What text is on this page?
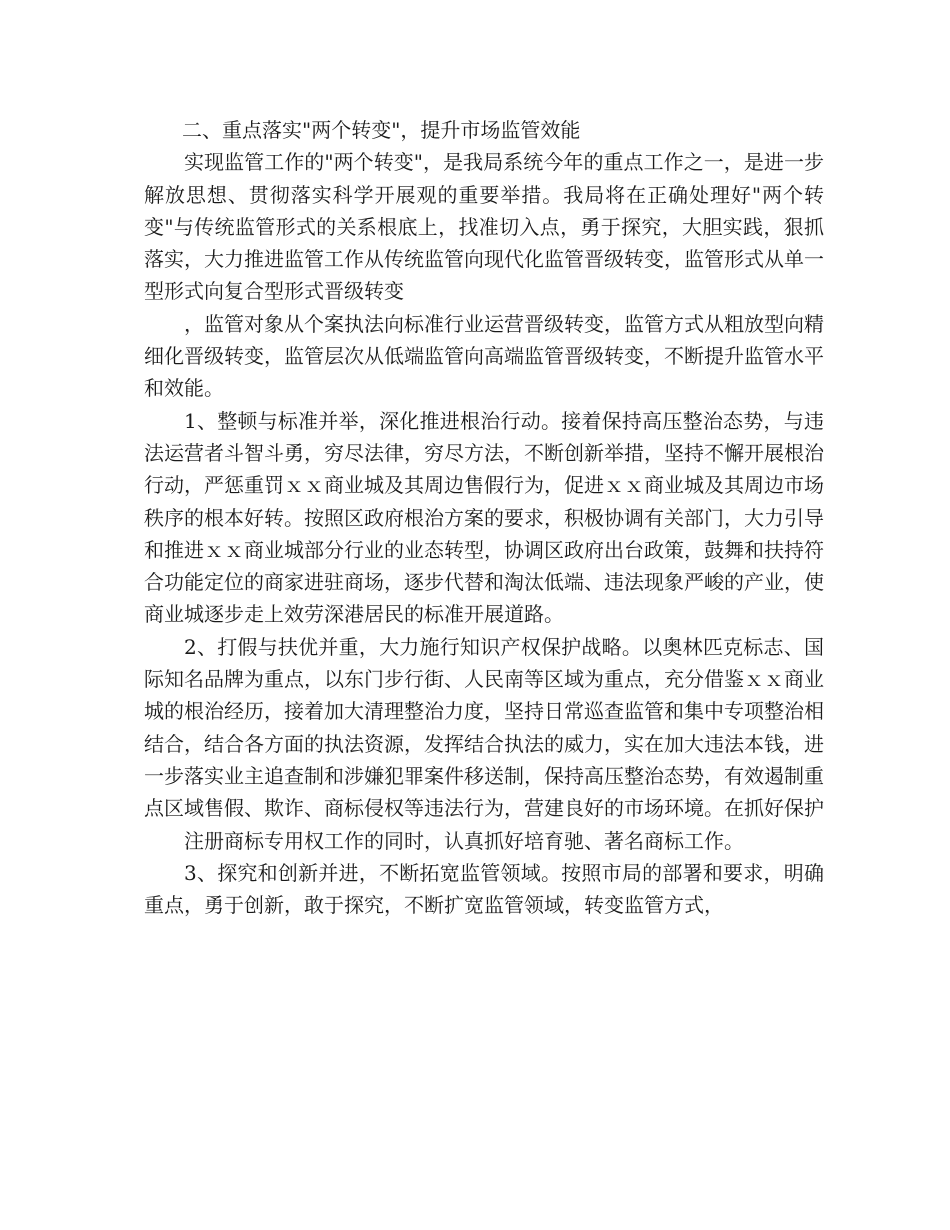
二、重点落实"两个转变"，提升市场监管效能

实现监管工作的"两个转变"，是我局系统今年的重点工作之一，是进一步解放思想、贯彻落实科学开展观的重要举措。我局将在正确处理好"两个转变"与传统监管形式的关系根底上，找准切入点，勇于探究，大胆实践，狠抓落实，大力推进监管工作从传统监管向现代化监管晋级转变，监管形式从单一型形式向复合型形式晋级转变

，监管对象从个案执法向标准行业运营晋级转变，监管方式从粗放型向精细化晋级转变，监管层次从低端监管向高端监管晋级转变，不断提升监管水平和效能。

1、整顿与标准并举，深化推进根治行动。接着保持高压整治态势，与违法运营者斗智斗勇，穷尽法律，穷尽方法，不断创新举措，坚持不懈开展根治行动，严惩重罚ｘｘ商业城及其周边售假行为，促进ｘｘ商业城及其周边市场秩序的根本好转。按照区政府根治方案的要求，积极协调有关部门，大力引导和推进ｘｘ商业城部分行业的业态转型，协调区政府出台政策，鼓舞和扶持符合功能定位的商家进驻商场，逐步代替和淘汰低端、违法现象严峻的产业，使商业城逐步走上效劳深港居民的标准开展道路。

2、打假与扶优并重，大力施行知识产权保护战略。以奥林匹克标志、国际知名品牌为重点，以东门步行街、人民南等区域为重点，充分借鉴ｘｘ商业城的根治经历，接着加大清理整治力度，坚持日常巡查监管和集中专项整治相结合，结合各方面的执法资源，发挥结合执法的威力，实在加大违法本钱，进一步落实业主追查制和涉嫌犯罪案件移送制，保持高压整治态势，有效遏制重点区域售假、欺诈、商标侵权等违法行为，营建良好的市场环境。在抓好保护

注册商标专用权工作的同时，认真抓好培育驰、著名商标工作。

3、探究和创新并进，不断拓宽监管领域。按照市局的部署和要求，明确重点，勇于创新，敢于探究，不断扩宽监管领域，转变监管方式，
